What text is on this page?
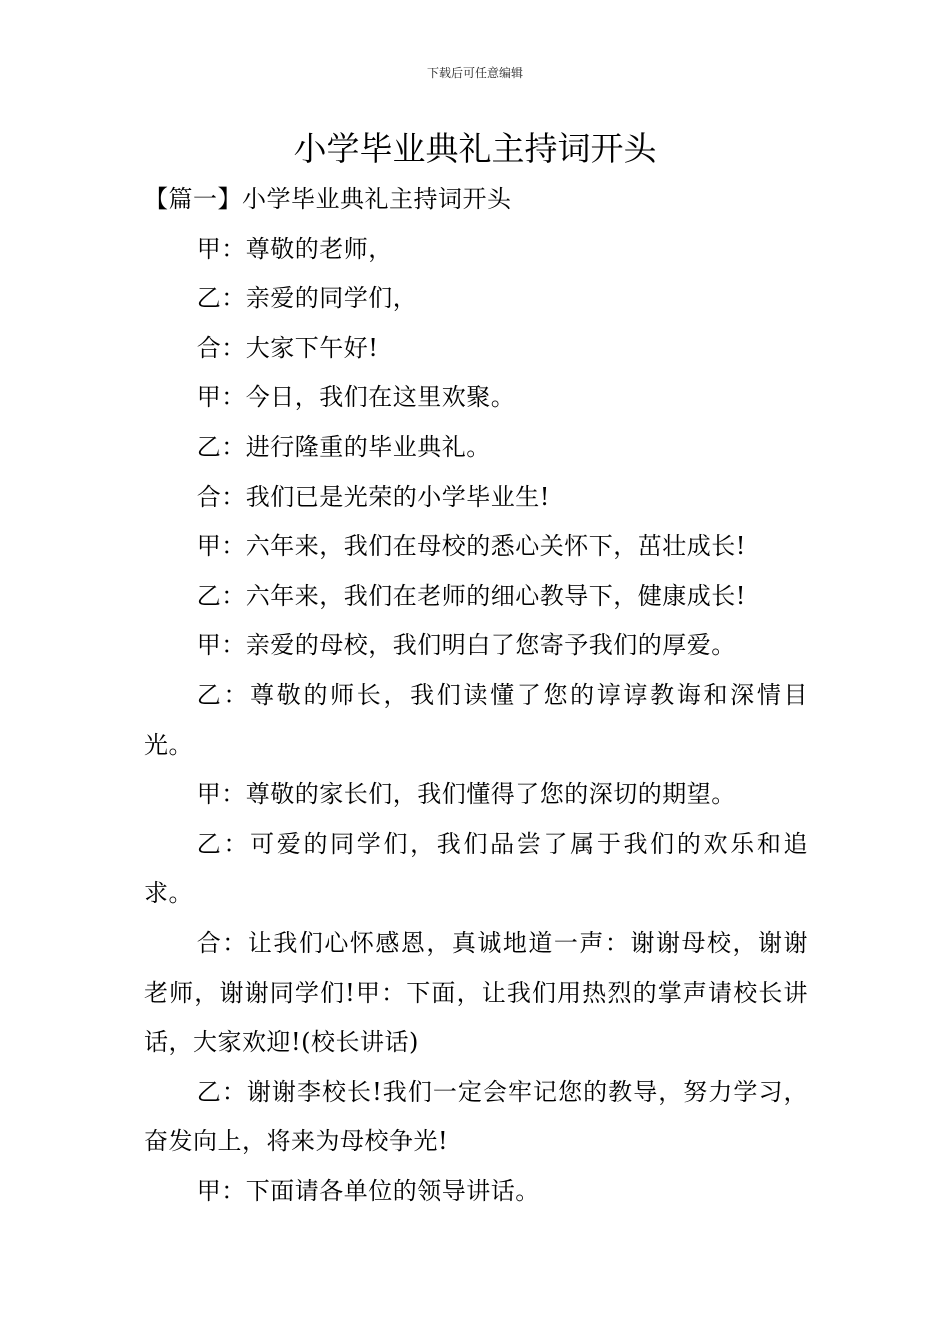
下载后可任意编辑
小学毕业典礼主持词开头

【篇一】小学毕业典礼主持词开头

甲：尊敬的老师，

乙：亲爱的同学们，

合：大家下午好!

甲：今日，我们在这里欢聚。

乙：进行隆重的毕业典礼。

合：我们已是光荣的小学毕业生!

甲：六年来，我们在母校的悉心关怀下，茁壮成长!

乙：六年来，我们在老师的细心教导下，健康成长!

甲：亲爱的母校，我们明白了您寄予我们的厚爱。

乙：尊敬的师长，我们读懂了您的谆谆教诲和深情目光。

甲：尊敬的家长们，我们懂得了您的深切的期望。

乙：可爱的同学们，我们品尝了属于我们的欢乐和追求。

合：让我们心怀感恩，真诚地道一声：谢谢母校，谢谢老师，谢谢同学们!甲：下面，让我们用热烈的掌声请校长讲话，大家欢迎!(校长讲话)

乙：谢谢李校长!我们一定会牢记您的教导，努力学习，奋发向上，将来为母校争光!

甲：下面请各单位的领导讲话。
